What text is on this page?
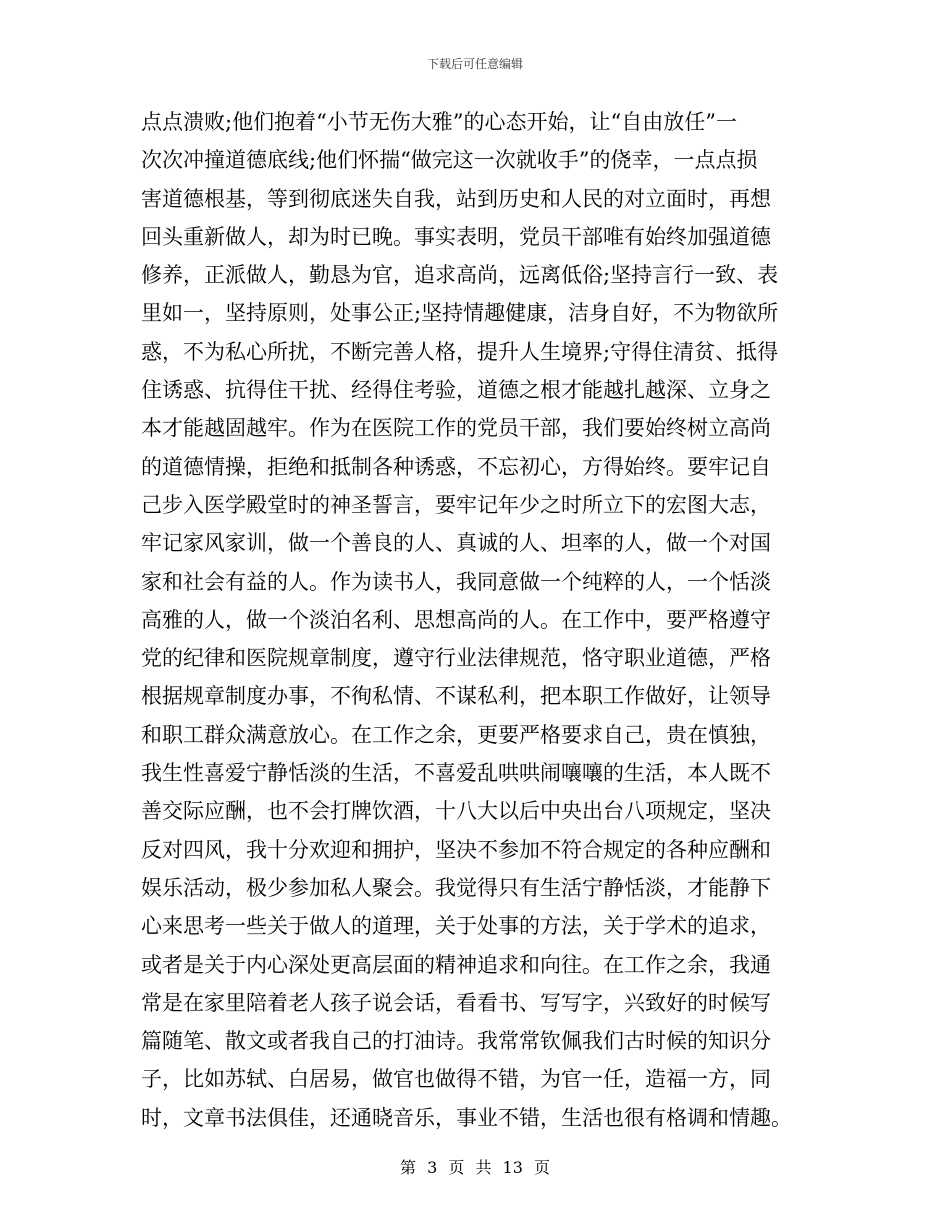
下载后可任意编辑
点点溃败;他们抱着“小节无伤大雅”的心态开始，让“自由放任”一
次次冲撞道德底线;他们怀揣“做完这一次就收手”的侥幸，一点点损
害道德根基，等到彻底迷失自我，站到历史和人民的对立面时，再想
回头重新做人，却为时已晚。事实表明，党员干部唯有始终加强道德
修养，正派做人，勤恳为官，追求高尚，远离低俗;坚持言行一致、表
里如一，坚持原则，处事公正;坚持情趣健康，洁身自好，不为物欲所
惑，不为私心所扰，不断完善人格，提升人生境界;守得住清贫、抵得
住诱惑、抗得住干扰、经得住考验，道德之根才能越扎越深、立身之
本才能越固越牢。作为在医院工作的党员干部，我们要始终树立高尚
的道德情操，拒绝和抵制各种诱惑，不忘初心，方得始终。要牢记自
己步入医学殿堂时的神圣誓言，要牢记年少之时所立下的宏图大志，
牢记家风家训，做一个善良的人、真诚的人、坦率的人，做一个对国
家和社会有益的人。作为读书人，我同意做一个纯粹的人，一个恬淡
高雅的人，做一个淡泊名利、思想高尚的人。在工作中，要严格遵守
党的纪律和医院规章制度，遵守行业法律规范，恪守职业道德，严格
根据规章制度办事，不徇私情、不谋私利，把本职工作做好，让领导
和职工群众满意放心。在工作之余，更要严格要求自己，贵在慎独，
我生性喜爱宁静恬淡的生活，不喜爱乱哄哄闹嚷嚷的生活，本人既不
善交际应酬，也不会打牌饮酒，十八大以后中央出台八项规定，坚决
反对四风，我十分欢迎和拥护，坚决不参加不符合规定的各种应酬和
娱乐活动，极少参加私人聚会。我觉得只有生活宁静恬淡，才能静下
心来思考一些关于做人的道理，关于处事的方法，关于学术的追求，
或者是关于内心深处更高层面的精神追求和向往。在工作之余，我通
常是在家里陪着老人孩子说会话，看看书、写写字，兴致好的时候写
篇随笔、散文或者我自己的打油诗。我常常钦佩我们古时候的知识分
子，比如苏轼、白居易，做官也做得不错，为官一任，造福一方，同
时，文章书法俱佳，还通晓音乐，事业不错，生活也很有格调和情趣。
第 3 页 共 13 页
